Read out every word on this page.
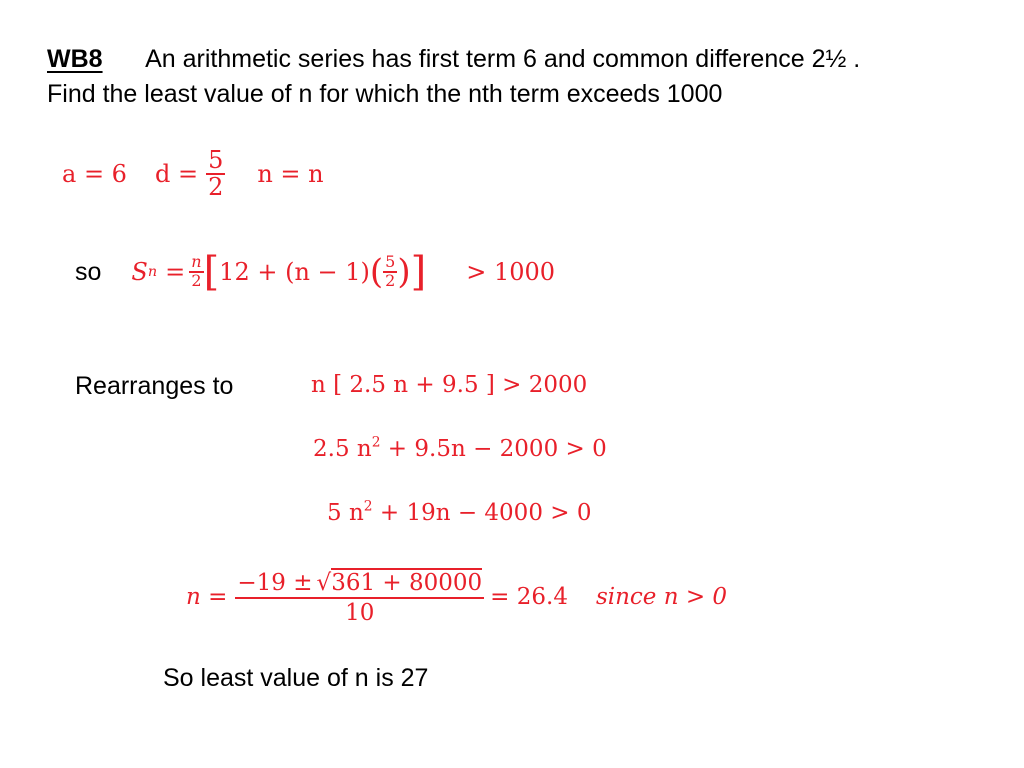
WB8 An arithmetic series has first term 6 and common difference 2½ .
Find the least value of n for which the nth term exceeds 1000
a = 6 $d = \frac{5}{2}$ n = n
so S $n = \frac{n}{2}$ [ 12 + (n − 1) ( $\frac{5}{2}$ ) ] > 1000
Rearranges to	n [ 2.5 n + 9.5 ] > 2000
2.5 $n^2 + 9.5n - 2000 > 0$
5 $n^2 + 19n - 4000 > 0$
$n = \frac{-19 \pm √ 361 + 80000}{10} = 26.4$ since n > 0
So least value of n is 27
